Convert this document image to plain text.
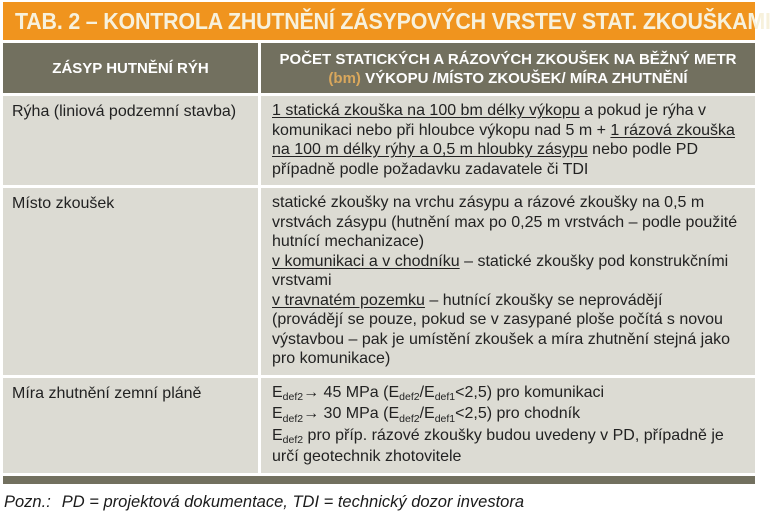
TAB. 2 – KONTROLA ZHUTNĚNÍ ZÁSYPOVÝCH VRSTEV STAT. ZKOUŠKAMI
ZÁSYP HUTNĚNÍ RÝH	POČET STATICKÝCH A RÁZOVÝCH ZKOUŠEK NA BĚŽNÝ METR (bm) VÝKOPU /MÍSTO ZKOUŠEK/ MÍRA ZHUTNĚNÍ
Rýha (liniová podzemní stavba)	1 statická zkouška na 100 bm délky výkopu a pokud je rýha v komunikaci nebo při hloubce výkopu nad 5 m + 1 rázová zkouška na 100 m délky rýhy a 0,5 m hloubky zásypu nebo podle PD případně podle požadavku zadavatele či TDI
Místo zkoušek	statické zkoušky na vrchu zásypu a rázové zkoušky na 0,5 m vrstvách zásypu (hutnění max po 0,25 m vrstvách – podle použité hutnící mechanizace)
v komunikaci a v chodníku – statické zkoušky pod konstrukčními vrstvami
v travnatém pozemku – hutnící zkoušky se neprovádějí
(provádějí se pouze, pokud se v zasypané ploše počítá s novou výstavbou – pak je umístění zkoušek a míra zhutnění stejná jako pro komunikace)
Míra zhutnění zemní pláně	$E_{def2}\to 45$ MPa $(E_{def2}/E_{def1}<2,5)$ pro komunikaci
$E_{def2}\to 30$ MPa $(E_{def2}/E_{def1}<2,5)$ pro chodník
$E_{def2}$ pro příp. rázové zkoušky budou uvedeny v PD, případně je určí geotechnik zhotovitele
Pozn.: PD = projektová dokumentace, TDI = technický dozor investora
